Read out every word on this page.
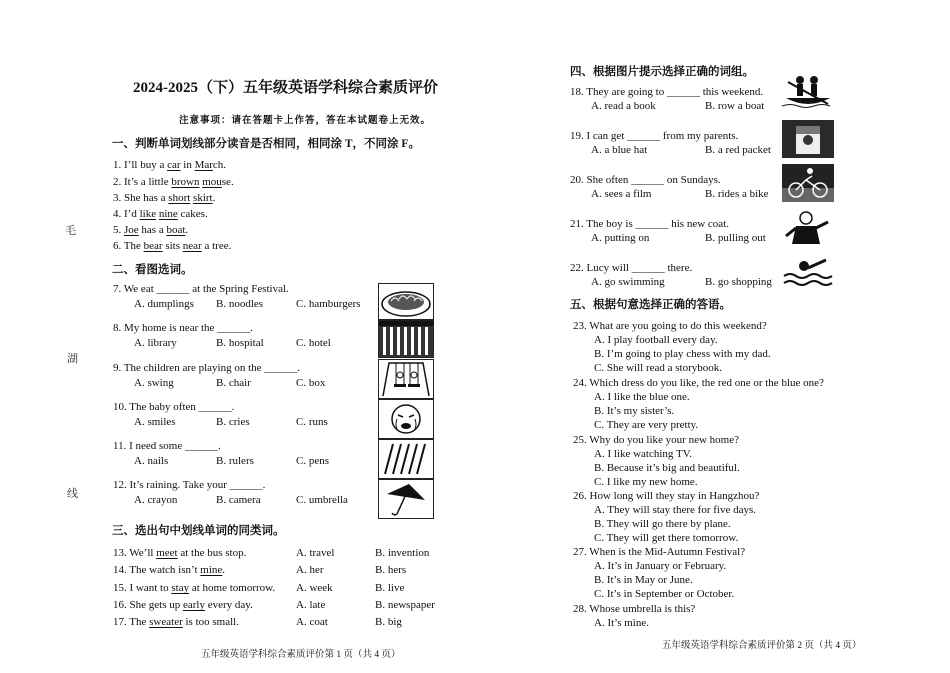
2024-2025（下）五年级英语学科综合素质评价
注意事项：请在答题卡上作答，答在本试题卷上无效。
毛
湖
线
一、判断单词划线部分读音是否相同，相同涂 T，不同涂 F。
1. I’ll buy a car in March.
2. It’s a little brown mouse.
3. She has a short skirt.
4. I’d like nine cakes.
5. Joe has a boat.
6. The bear sits near a tree.
二、看图选词。
7. We eat ______ at the Spring Festival.
A. dumplings B. noodles	C. hamburgers
8. My home is near the ______.
A. library	B. hospital	C. hotel
9. The children are playing on the ______.
A. swing	B. chair	C. box
10. The baby often ______.
A. smiles	B. cries	C. runs
11. I need some ______.
A. nails	B. rulers	C. pens
12. It’s raining. Take your ______.
A. crayon	B. camera	C. umbrella
三、选出句中划线单词的同类词。
13. We’ll meet at the bus stop.	A. travel	B. invention
14. The watch isn’t mine.	A. her	B. hers
15. I want to stay at home tomorrow. A. week	B. live
16. She gets up early every day.	A. late	B. newspaper
17. The sweater is too small.	A. coat	B. big
五年级英语学科综合素质评价第 1 页（共 4 页）
四、根据图片提示选择正确的词组。
18. They are going to ______ this weekend.
A. read a book	B. row a boat
19. I can get ______ from my parents.
A. a blue hat	B. a red packet
20. She often ______ on Sundays.
A. sees a film	B. rides a bike
21. The boy is ______ his new coat.
A. putting on	B. pulling out
22. Lucy will ______ there.
A. go swimming	B. go shopping
五、根据句意选择正确的答语。
23. What are you going to do this weekend?
A. I play football every day.
B. I’m going to play chess with my dad.
C. She will read a storybook.
24. Which dress do you like, the red one or the blue one?
A. I like the blue one.
B. It’s my sister’s.
C. They are very pretty.
25. Why do you like your new home?
A. I like watching TV.
B. Because it’s big and beautiful.
C. I like my new home.
26. How long will they stay in Hangzhou?
A. They will stay there for five days.
B. They will go there by plane.
C. They will get there tomorrow.
27. When is the Mid-Autumn Festival?
A. It’s in January or February.
B. It’s in May or June.
C. It’s in September or October.
28. Whose umbrella is this?
A. It’s mine.
五年级英语学科综合素质评价第 2 页（共 4 页）
